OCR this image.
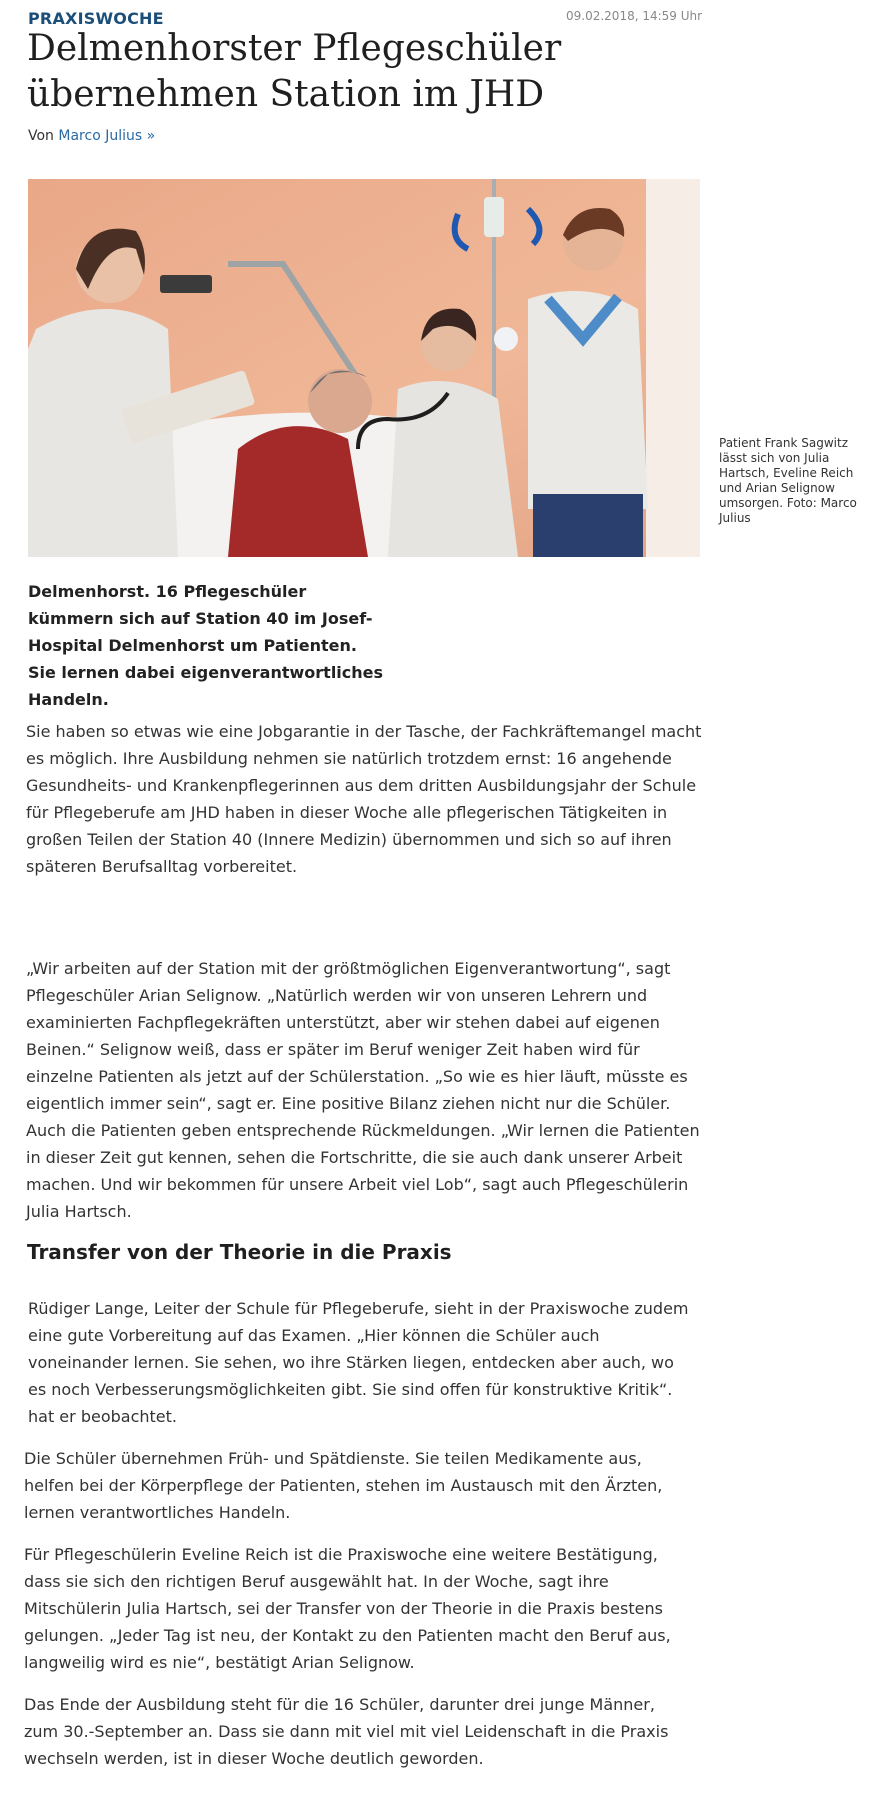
PRAXISWOCHE	09.02.2018, 14:59 Uhr
Delmenhorster Pflegeschüler übernehmen Station im JHD
Von Marco Julius »
Patient Frank Sagwitz lässt sich von Julia Hartsch, Eveline Reich und Arian Selignow umsorgen. Foto: Marco Julius

Delmenhorst. 16 Pflegeschüler kümmern sich auf Station 40 im Josef-Hospital Delmenhorst um Patienten. Sie lernen dabei eigenverantwortliches Handeln.

Sie haben so etwas wie eine Jobgarantie in der Tasche, der Fachkräftemangel macht es möglich. Ihre Ausbildung nehmen sie natürlich trotzdem ernst: 16 angehende Gesundheits- und Krankenpflegerinnen aus dem dritten Ausbildungsjahr der Schule für Pflegeberufe am JHD haben in dieser Woche alle pflegerischen Tätigkeiten in großen Teilen der Station 40 (Innere Medizin) übernommen und sich so auf ihren späteren Berufsalltag vorbereitet.

„Wir arbeiten auf der Station mit der größtmöglichen Eigenverantwortung“, sagt Pflegeschüler Arian Selignow. „Natürlich werden wir von unseren Lehrern und examinierten Fachpflegekräften unterstützt, aber wir stehen dabei auf eigenen Beinen.“ Selignow weiß, dass er später im Beruf weniger Zeit haben wird für einzelne Patienten als jetzt auf der Schülerstation. „So wie es hier läuft, müsste es eigentlich immer sein“, sagt er. Eine positive Bilanz ziehen nicht nur die Schüler. Auch die Patienten geben entsprechende Rückmeldungen. „Wir lernen die Patienten in dieser Zeit gut kennen, sehen die Fortschritte, die sie auch dank unserer Arbeit machen. Und wir bekommen für unsere Arbeit viel Lob“, sagt auch Pflegeschülerin Julia Hartsch.

Transfer von der Theorie in die Praxis

Rüdiger Lange, Leiter der Schule für Pflegeberufe, sieht in der Praxiswoche zudem eine gute Vorbereitung auf das Examen. „Hier können die Schüler auch voneinander lernen. Sie sehen, wo ihre Stärken liegen, entdecken aber auch, wo es noch Verbesserungsmöglichkeiten gibt. Sie sind offen für konstruktive Kritik“. hat er beobachtet.

Die Schüler übernehmen Früh- und Spätdienste. Sie teilen Medikamente aus, helfen bei der Körperpflege der Patienten, stehen im Austausch mit den Ärzten, lernen verantwortliches Handeln.

Für Pflegeschülerin Eveline Reich ist die Praxiswoche eine weitere Bestätigung, dass sie sich den richtigen Beruf ausgewählt hat. In der Woche, sagt ihre Mitschülerin Julia Hartsch, sei der Transfer von der Theorie in die Praxis bestens gelungen. „Jeder Tag ist neu, der Kontakt zu den Patienten macht den Beruf aus, langweilig wird es nie“, bestätigt Arian Selignow.

Das Ende der Ausbildung steht für die 16 Schüler, darunter drei junge Männer, zum 30.-September an. Dass sie dann mit viel mit viel Leidenschaft in die Praxis wechseln werden, ist in dieser Woche deutlich geworden.
